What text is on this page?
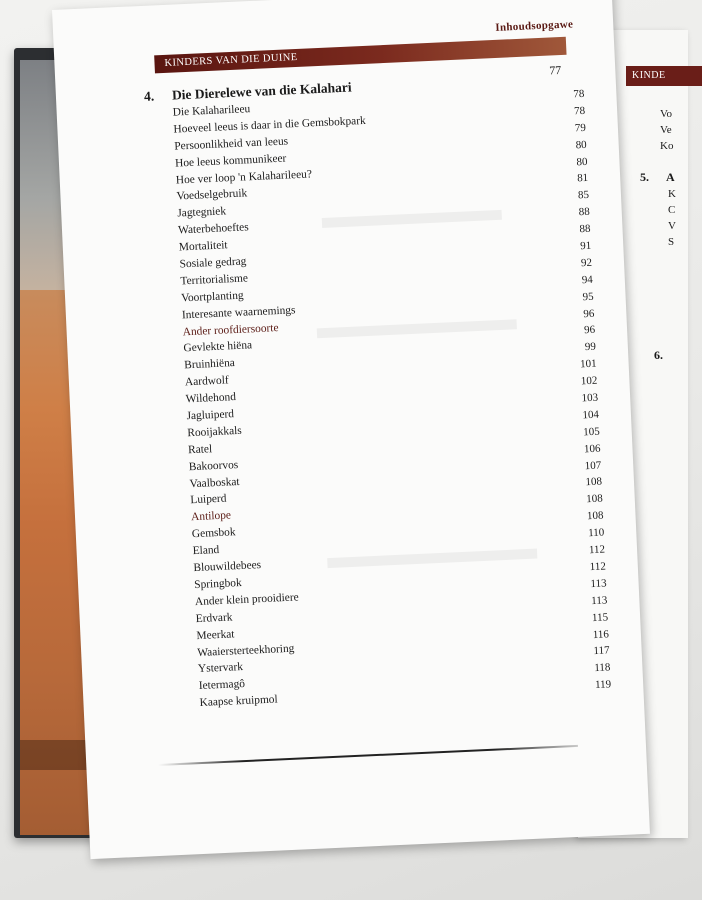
KINDE
Vo
Ve
Ko
5. A
K
C
V
S
6.
Inhoudsopgawe
KINDERS VAN DIE DUINE
77
4. Die Dierelewe van die Kalahari
Die Kalaharileeu
78
Hoeveel leeus is daar in die Gemsbokpark
78
Persoonlikheid van leeus
79
Hoe leeus kommunikeer
80
Hoe ver loop 'n Kalaharileeu?
80
Voedselgebruik
81
Jagtegniek
85
Waterbehoeftes
88
Mortaliteit
88
Sosiale gedrag
91
Territorialisme
92
Voortplanting
94
Interesante waarnemings
95
Ander roofdiersoorte
96
Gevlekte hiëna
96
Bruinhiëna
99
Aardwolf
101
Wildehond
102
Jagluiperd
103
Rooijakkals
104
Ratel
105
Bakoorvos
106
Vaalboskat
107
Luiperd
108
Antilope
108
Gemsbok
108
Eland
110
Blouwildebees
112
Springbok
112
Ander klein prooidiere
113
Erdvark
113
Meerkat
115
Waaiersterteekhoring
116
Ystervark
117
Ietermagô
118
Kaapse kruipmol
119
